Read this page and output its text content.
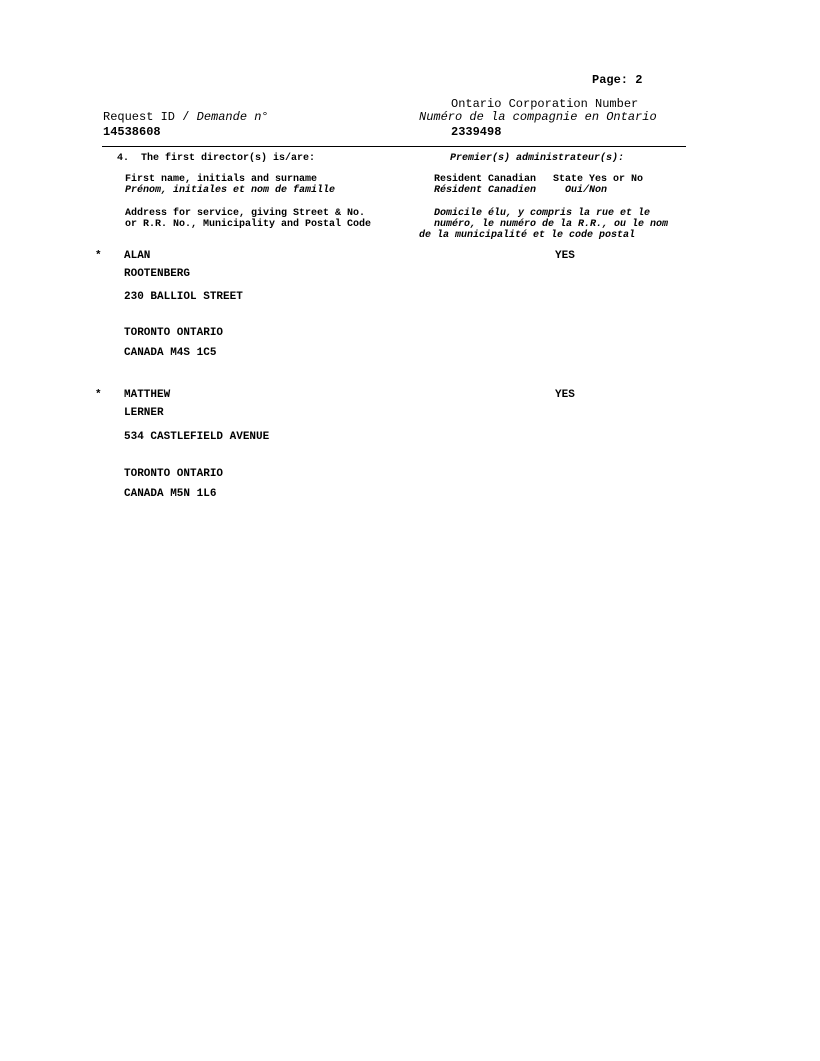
Page: 2
Ontario Corporation Number
Numéro de la compagnie en Ontario
2339498
Request ID / Demande n°
14538608
4. The first director(s) is/are:	Premier(s) administrateur(s):
First name, initials and surname
Prénom, initiales et nom de famille
Resident Canadian State Yes or No
Résident Canadien	Oui/Non
Address for service, giving Street & No.
or R.R. No., Municipality and Postal Code
Domicile élu, y compris la rue et le
numéro, le numéro de la R.R., ou le nom
de la municipalité et le code postal
* ALAN	YES
ROOTENBERG
230 BALLIOL STREET
TORONTO ONTARIO
CANADA M4S 1C5
* MATTHEW	YES
LERNER
534 CASTLEFIELD AVENUE
TORONTO ONTARIO
CANADA M5N 1L6
